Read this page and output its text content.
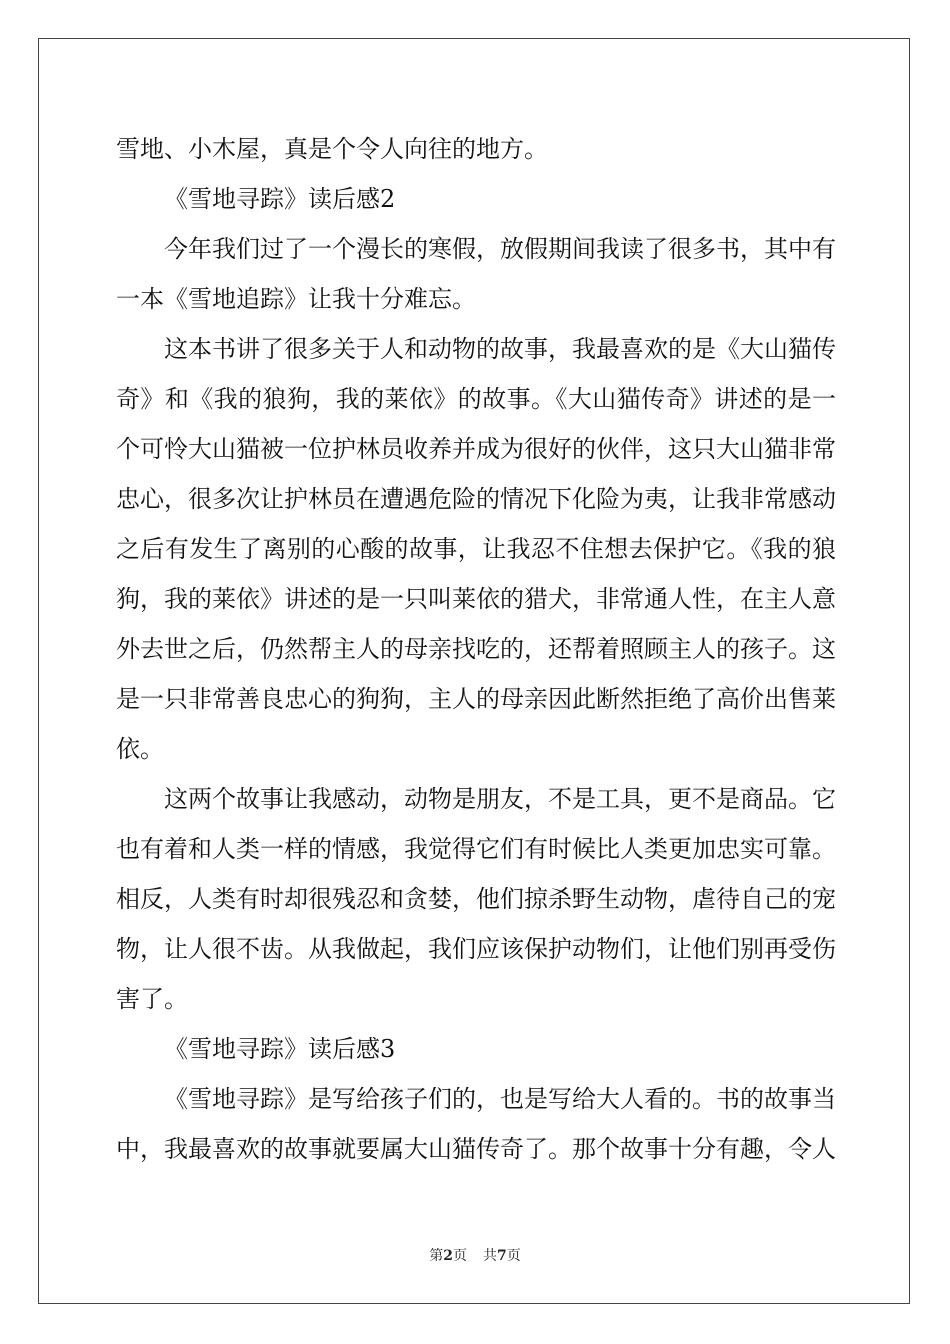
雪地、小木屋，真是个令人向往的地方。
《雪地寻踪》读后感2
今年我们过了一个漫长的寒假，放假期间我读了很多书，其中有
一本《雪地追踪》让我十分难忘。
这本书讲了很多关于人和动物的故事，我最喜欢的是《大山猫传
奇》和《我的狼狗，我的莱依》的故事。《大山猫传奇》讲述的是一
个可怜大山猫被一位护林员收养并成为很好的伙伴，这只大山猫非常
忠心，很多次让护林员在遭遇危险的情况下化险为夷，让我非常感动
之后有发生了离别的心酸的故事，让我忍不住想去保护它。《我的狼
狗，我的莱依》讲述的是一只叫莱依的猎犬，非常通人性，在主人意
外去世之后，仍然帮主人的母亲找吃的，还帮着照顾主人的孩子。这
是一只非常善良忠心的狗狗，主人的母亲因此断然拒绝了高价出售莱
依。
这两个故事让我感动，动物是朋友，不是工具，更不是商品。它
也有着和人类一样的情感，我觉得它们有时候比人类更加忠实可靠。
相反，人类有时却很残忍和贪婪，他们掠杀野生动物，虐待自己的宠
物，让人很不齿。从我做起，我们应该保护动物们，让他们别再受伤
害了。
《雪地寻踪》读后感3
《雪地寻踪》是写给孩子们的，也是写给大人看的。书的故事当
中，我最喜欢的故事就要属大山猫传奇了。那个故事十分有趣，令人
第2页 共7页
